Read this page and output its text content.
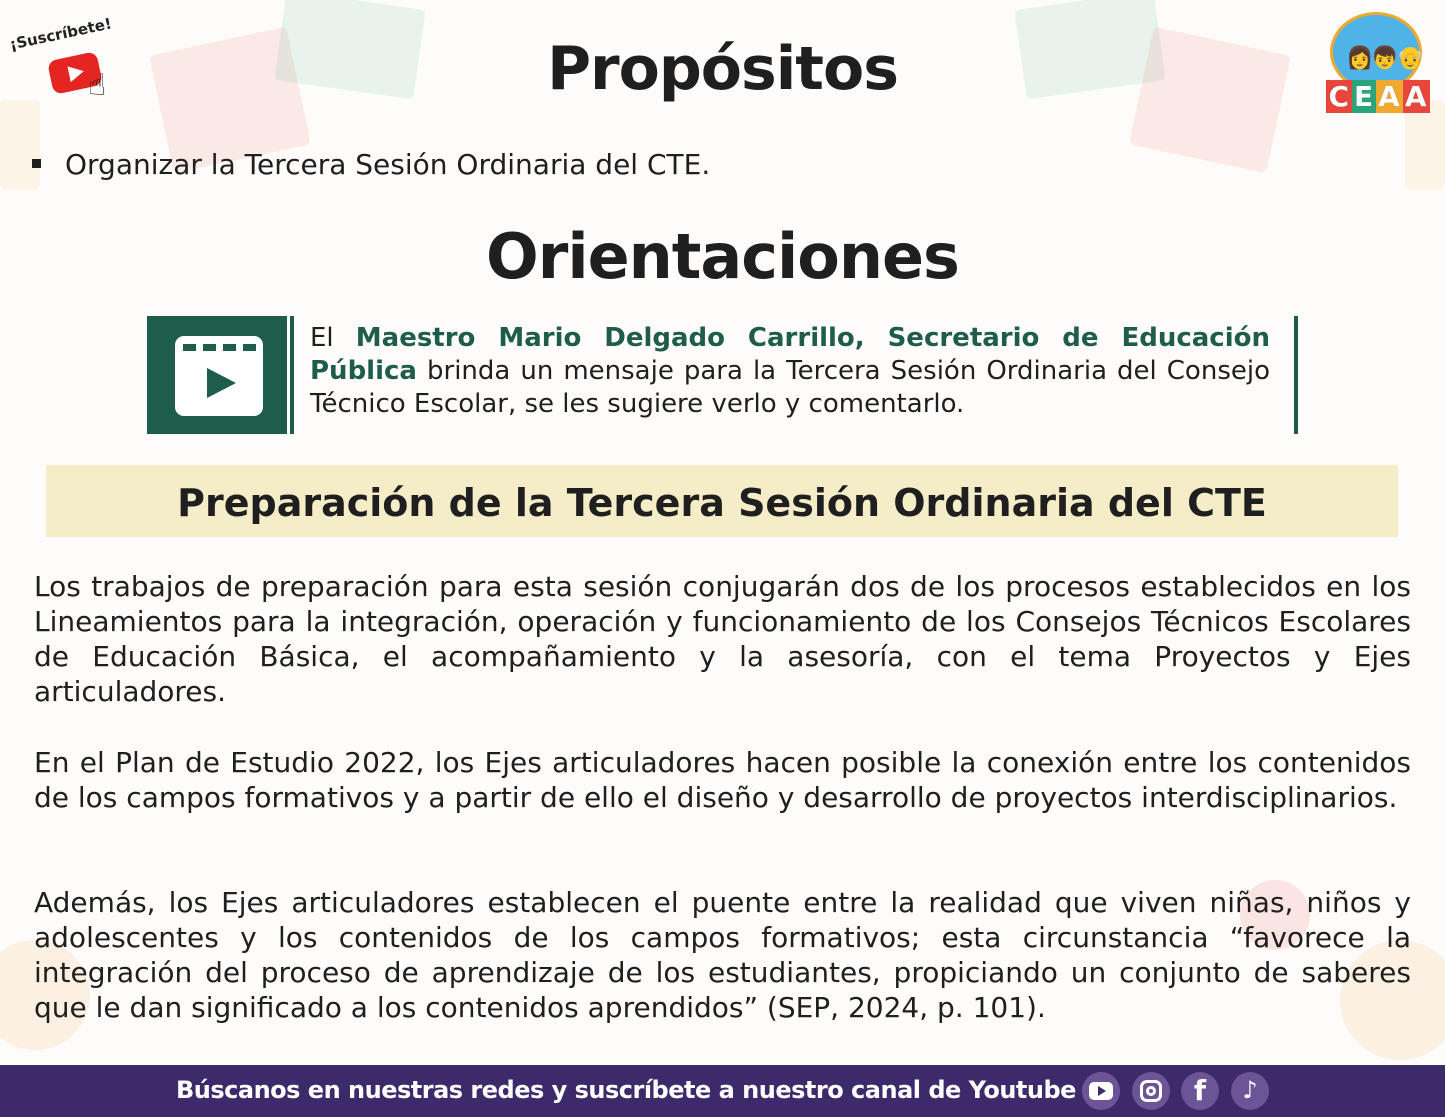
¡Suscríbete!
☝
👩👦👴
C E A A
Propósitos
Organizar la Tercera Sesión Ordinaria del CTE.
Orientaciones

El Maestro Mario Delgado Carrillo, Secretario de Educación Pública brinda un mensaje para la Tercera Sesión Ordinaria del Consejo Técnico Escolar, se les sugiere verlo y comentarlo.

Preparación de la Tercera Sesión Ordinaria del CTE

Los trabajos de preparación para esta sesión conjugarán dos de los procesos establecidos en los Lineamientos para la integración, operación y funcionamiento de los Consejos Técnicos Escolares de Educación Básica, el acompañamiento y la asesoría, con el tema Proyectos y Ejes articuladores.

En el Plan de Estudio 2022, los Ejes articuladores hacen posible la conexión entre los contenidos de los campos formativos y a partir de ello el diseño y desarrollo de proyectos interdisciplinarios.

Además, los Ejes articuladores establecen el puente entre la realidad que viven niñas, niños y adolescentes y los contenidos de los campos formativos; esta circunstancia “favorece la integración del proceso de aprendizaje de los estudiantes, propiciando un conjunto de saberes que le dan significado a los contenidos aprendidos” (SEP, 2024, p. 101).

Búscanos en nuestras redes y suscríbete a nuestro canal de Youtube	f	♪
